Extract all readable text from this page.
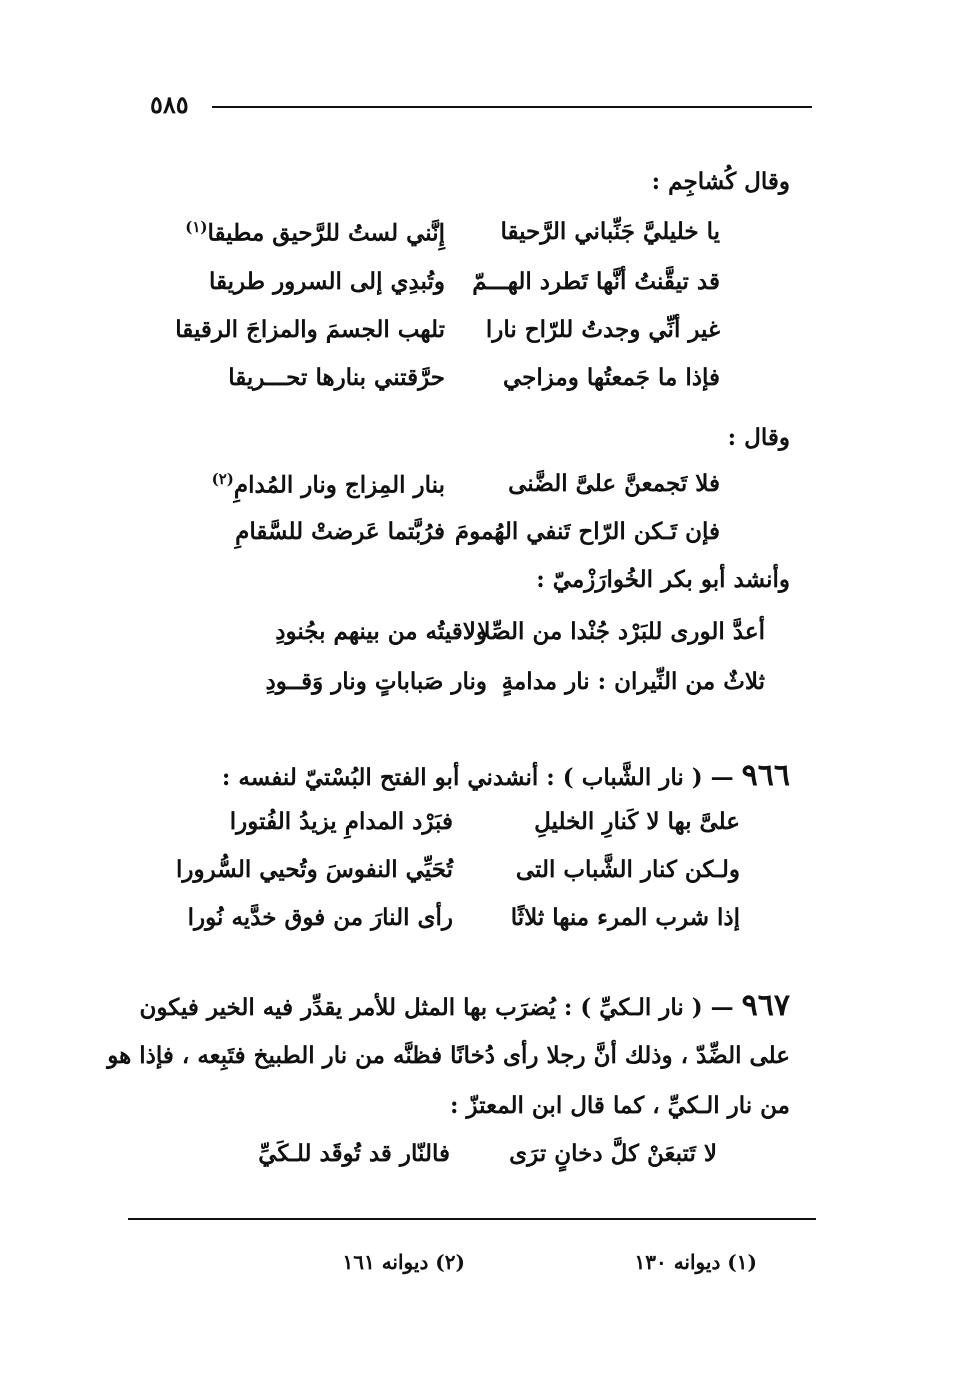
٥٨٥
وقال كُشاجِم :
يا خليليَّ جَنِّباني الرَّحيقا
إِنَّني لستُ للرَّحيق مطيقا$^{(١)}$
قد تيقَّنتُ أنَّها تَطرد الهـــمّ
وتُبدِي إلى السرور طريقا
غير أنِّي وجدتُ للرّاح نارا
تلهب الجسمَ والمزاجَ الرقيقا
فإذا ما جَمعتُها ومزاجي
حرَّقتني بنارها تحـــريقا
وقال :
فلا تَجمعنَّ علىَّ الضَّنى
بنار المِزاج ونار المُدامِ$^{(٢)}$
فإن تَـكن الرّاح تَنفي الهُمومَ
فرُبَّتما عَرضتْ للسَّقامِ
وأنشد أبو بكر الخُوارَزْميّ :
أعدَّ الورى للبَرْد جُنْدا من الصِّلا
ولاقيتُه من بينهم بجُنودِ
ثلاثٌ من النِّيران : نار مدامةٍ
ونار صَباباتٍ ونار وَقــودِ
٩٦٦ — ( نار الشَّباب ) : أنشدني أبو الفتح البُسْتيّ لنفسه :
علىَّ بها لا كَنارِ الخليلِ
فبَرْد المدامِ يزيدُ الفُتورا
ولـكن كنار الشَّباب التى
تُحَيِّي النفوسَ وتُحيي السُّرورا
إذا شرب المرء منها ثلاثًا
رأى النارَ من فوق خدَّيه نُورا
٩٦٧ — ( نار الـكيِّ ) : يُضرَب بها المثل للأمر يقدِّر فيه الخير فيكون
على الضِّدّ ، وذلك أنَّ رجلا رأى دُخانًا فظنَّه من نار الطبيخ فتَبِعه ، فإذا هو
من نار الـكيِّ ، كما قال ابن المعتزّ :
لا تَتبعَنْ كلَّ دخانٍ ترَى
فالنّار قد تُوقَد للـكَيِّ
(١) ديوانه ١٣٠
(٢) ديوانه ١٦١
